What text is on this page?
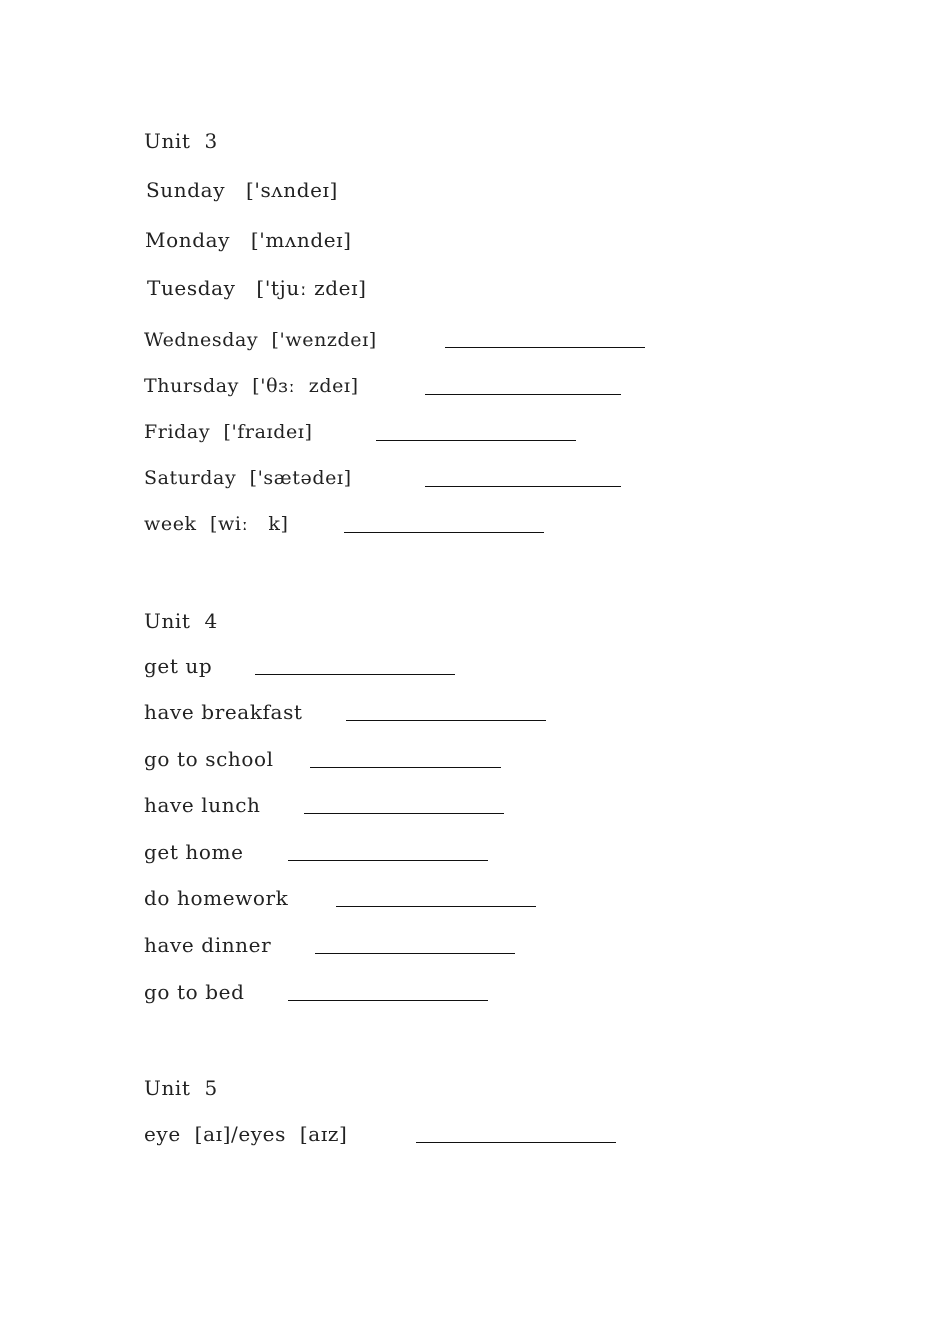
Unit  3
Sunday   ['sʌndeɪ]
Monday   ['mʌndeɪ]
Tuesday   ['tjuː zdeɪ]
Wednesday  ['wenzdeɪ]
Thursday  ['θɜː  zdeɪ]
Friday  ['fraɪdeɪ]
Saturday  ['sætədeɪ]
week  [wiː   k]
Unit  4
get up
have breakfast
go to school
have lunch
get home
do homework
have dinner
go to bed
Unit  5
eye  [aɪ]/eyes  [aɪz]
